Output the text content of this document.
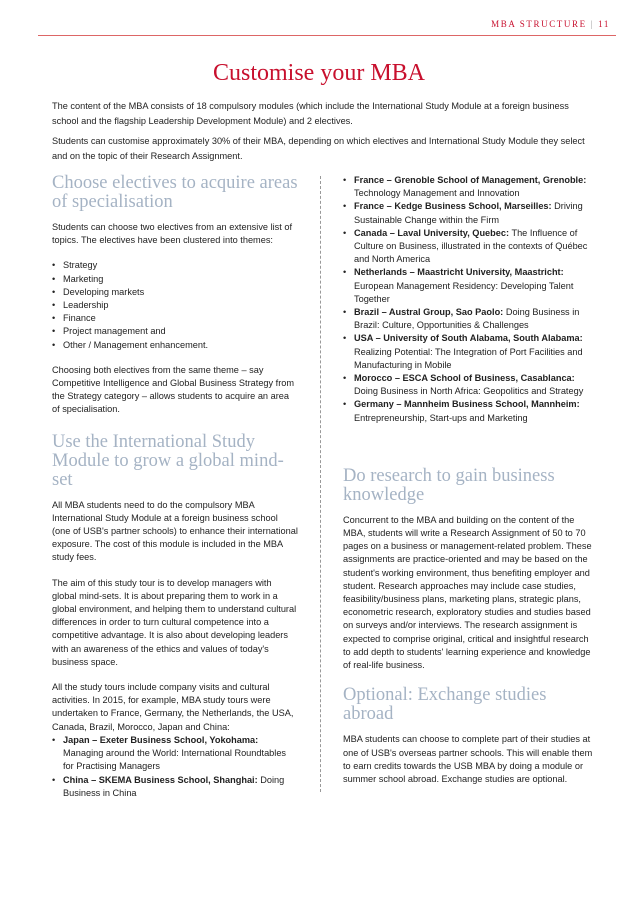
MBA STRUCTURE | 11
Customise your MBA

The content of the MBA consists of 18 compulsory modules (which include the International Study Module at a foreign business school and the flagship Leadership Development Module) and 2 electives.

Students can customise approximately 30% of their MBA, depending on which electives and International Study Module they select and on the topic of their Research Assignment.

Choose electives to acquire areas of specialisation

Students can choose two electives from an extensive list of topics. The electives have been clustered into themes:

• Strategy
• Marketing
• Developing markets
• Leadership
• Finance
• Project management and
• Other / Management enhancement.

Choosing both electives from the same theme – say Competitive Intelligence and Global Business Strategy from the Strategy category – allows students to acquire an area of specialisation.

Use the International Study Module to grow a global mind-set

All MBA students need to do the compulsory MBA International Study Module at a foreign business school (one of USB's partner schools) to enhance their international exposure. The cost of this module is included in the MBA study fees.

The aim of this study tour is to develop managers with global mind-sets. It is about preparing them to work in a global environment, and helping them to understand cultural differences in order to turn cultural competence into a competitive advantage. It is also about developing leaders with an awareness of the ethics and values of today's business space.

All the study tours include company visits and cultural activities. In 2015, for example, MBA study tours were undertaken to France, Germany, the Netherlands, the USA, Canada, Brazil, Morocco, Japan and China:

• Japan – Exeter Business School, Yokohama: Managing around the World: International Roundtables for Practising Managers
• China – SKEMA Business School, Shanghai: Doing Business in China
• France – Grenoble School of Management, Grenoble: Technology Management and Innovation
• France – Kedge Business School, Marseilles: Driving Sustainable Change within the Firm
• Canada – Laval University, Quebec: The Influence of Culture on Business, illustrated in the contexts of Québec and North America
• Netherlands – Maastricht University, Maastricht: European Management Residency: Developing Talent Together
• Brazil – Austral Group, Sao Paolo: Doing Business in Brazil: Culture, Opportunities & Challenges
• USA – University of South Alabama, South Alabama: Realizing Potential: The Integration of Port Facilities and Manufacturing in Mobile
• Morocco – ESCA School of Business, Casablanca: Doing Business in North Africa: Geopolitics and Strategy
• Germany – Mannheim Business School, Mannheim: Entrepreneurship, Start-ups and Marketing
Do research to gain business knowledge

Concurrent to the MBA and building on the content of the MBA, students will write a Research Assignment of 50 to 70 pages on a business or management-related problem. These assignments are practice-oriented and may be based on the student's working environment, thus benefiting employer and student. Research approaches may include case studies, feasibility/business plans, marketing plans, strategic plans, econometric research, exploratory studies and studies based on surveys and/or interviews. The research assignment is expected to comprise original, critical and insightful research to add depth to students' learning experience and knowledge of real-life business.

Optional: Exchange studies abroad

MBA students can choose to complete part of their studies at one of USB's overseas partner schools. This will enable them to earn credits towards the USB MBA by doing a module or summer school abroad. Exchange studies are optional.
